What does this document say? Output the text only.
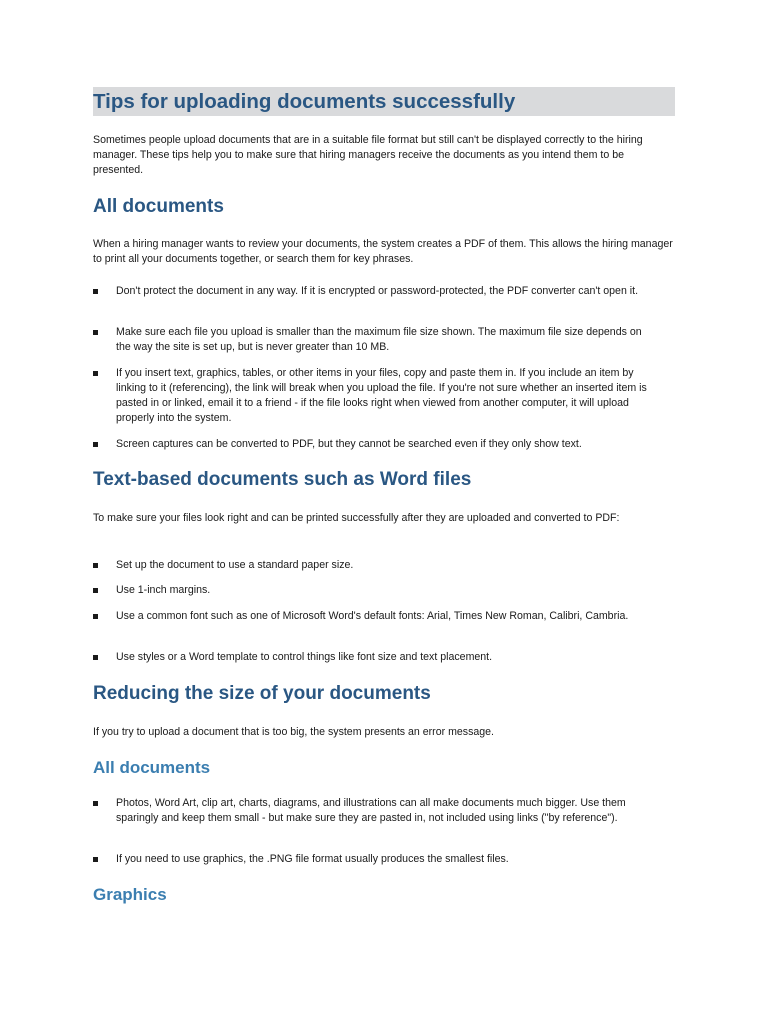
Tips for uploading documents successfully

Sometimes people upload documents that are in a suitable file format but still can't be displayed correctly to the hiring manager. These tips help you to make sure that hiring managers receive the documents as you intend them to be presented.

All documents

When a hiring manager wants to review your documents, the system creates a PDF of them. This allows the hiring manager to print all your documents together, or search them for key phrases.

Don't protect the document in any way. If it is encrypted or password-protected, the PDF converter can't open it.

Make sure each file you upload is smaller than the maximum file size shown. The maximum file size depends on the way the site is set up, but is never greater than 10 MB.

If you insert text, graphics, tables, or other items in your files, copy and paste them in. If you include an item by linking to it (referencing), the link will break when you upload the file. If you're not sure whether an inserted item is pasted in or linked, email it to a friend - if the file looks right when viewed from another computer, it will upload properly into the system.

Screen captures can be converted to PDF, but they cannot be searched even if they only show text.

Text-based documents such as Word files

To make sure your files look right and can be printed successfully after they are uploaded and converted to PDF:

Set up the document to use a standard paper size.

Use 1-inch margins.

Use a common font such as one of Microsoft Word's default fonts: Arial, Times New Roman, Calibri, Cambria.

Use styles or a Word template to control things like font size and text placement.

Reducing the size of your documents

If you try to upload a document that is too big, the system presents an error message.

All documents

Photos, Word Art, clip art, charts, diagrams, and illustrations can all make documents much bigger. Use them sparingly and keep them small - but make sure they are pasted in, not included using links ("by reference").

If you need to use graphics, the .PNG file format usually produces the smallest files.

Graphics
